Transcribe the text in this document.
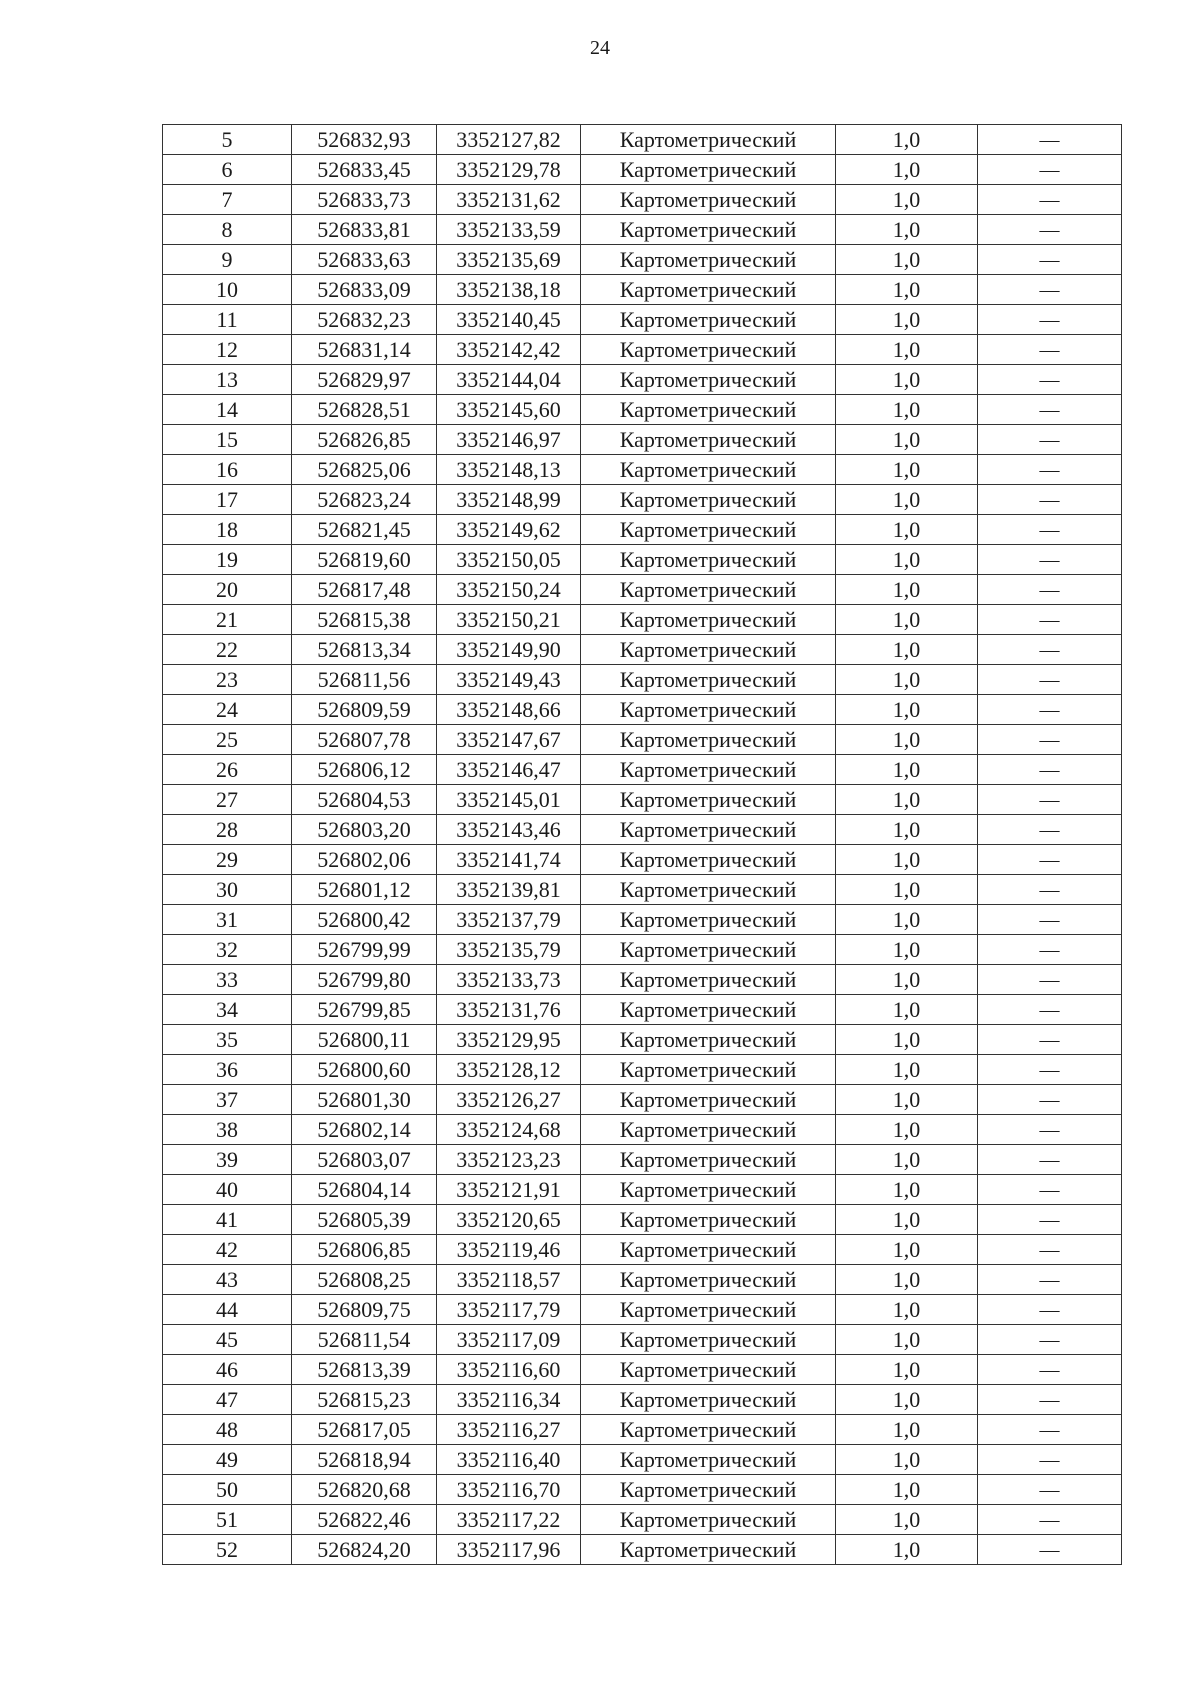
24
5	526832,93	3352127,82	Картометрический	1,0	—
6	526833,45	3352129,78	Картометрический	1,0	—
7	526833,73	3352131,62	Картометрический	1,0	—
8	526833,81	3352133,59	Картометрический	1,0	—
9	526833,63	3352135,69	Картометрический	1,0	—
10	526833,09	3352138,18	Картометрический	1,0	—
11	526832,23	3352140,45	Картометрический	1,0	—
12	526831,14	3352142,42	Картометрический	1,0	—
13	526829,97	3352144,04	Картометрический	1,0	—
14	526828,51	3352145,60	Картометрический	1,0	—
15	526826,85	3352146,97	Картометрический	1,0	—
16	526825,06	3352148,13	Картометрический	1,0	—
17	526823,24	3352148,99	Картометрический	1,0	—
18	526821,45	3352149,62	Картометрический	1,0	—
19	526819,60	3352150,05	Картометрический	1,0	—
20	526817,48	3352150,24	Картометрический	1,0	—
21	526815,38	3352150,21	Картометрический	1,0	—
22	526813,34	3352149,90	Картометрический	1,0	—
23	526811,56	3352149,43	Картометрический	1,0	—
24	526809,59	3352148,66	Картометрический	1,0	—
25	526807,78	3352147,67	Картометрический	1,0	—
26	526806,12	3352146,47	Картометрический	1,0	—
27	526804,53	3352145,01	Картометрический	1,0	—
28	526803,20	3352143,46	Картометрический	1,0	—
29	526802,06	3352141,74	Картометрический	1,0	—
30	526801,12	3352139,81	Картометрический	1,0	—
31	526800,42	3352137,79	Картометрический	1,0	—
32	526799,99	3352135,79	Картометрический	1,0	—
33	526799,80	3352133,73	Картометрический	1,0	—
34	526799,85	3352131,76	Картометрический	1,0	—
35	526800,11	3352129,95	Картометрический	1,0	—
36	526800,60	3352128,12	Картометрический	1,0	—
37	526801,30	3352126,27	Картометрический	1,0	—
38	526802,14	3352124,68	Картометрический	1,0	—
39	526803,07	3352123,23	Картометрический	1,0	—
40	526804,14	3352121,91	Картометрический	1,0	—
41	526805,39	3352120,65	Картометрический	1,0	—
42	526806,85	3352119,46	Картометрический	1,0	—
43	526808,25	3352118,57	Картометрический	1,0	—
44	526809,75	3352117,79	Картометрический	1,0	—
45	526811,54	3352117,09	Картометрический	1,0	—
46	526813,39	3352116,60	Картометрический	1,0	—
47	526815,23	3352116,34	Картометрический	1,0	—
48	526817,05	3352116,27	Картометрический	1,0	—
49	526818,94	3352116,40	Картометрический	1,0	—
50	526820,68	3352116,70	Картометрический	1,0	—
51	526822,46	3352117,22	Картометрический	1,0	—
52	526824,20	3352117,96	Картометрический	1,0	—
